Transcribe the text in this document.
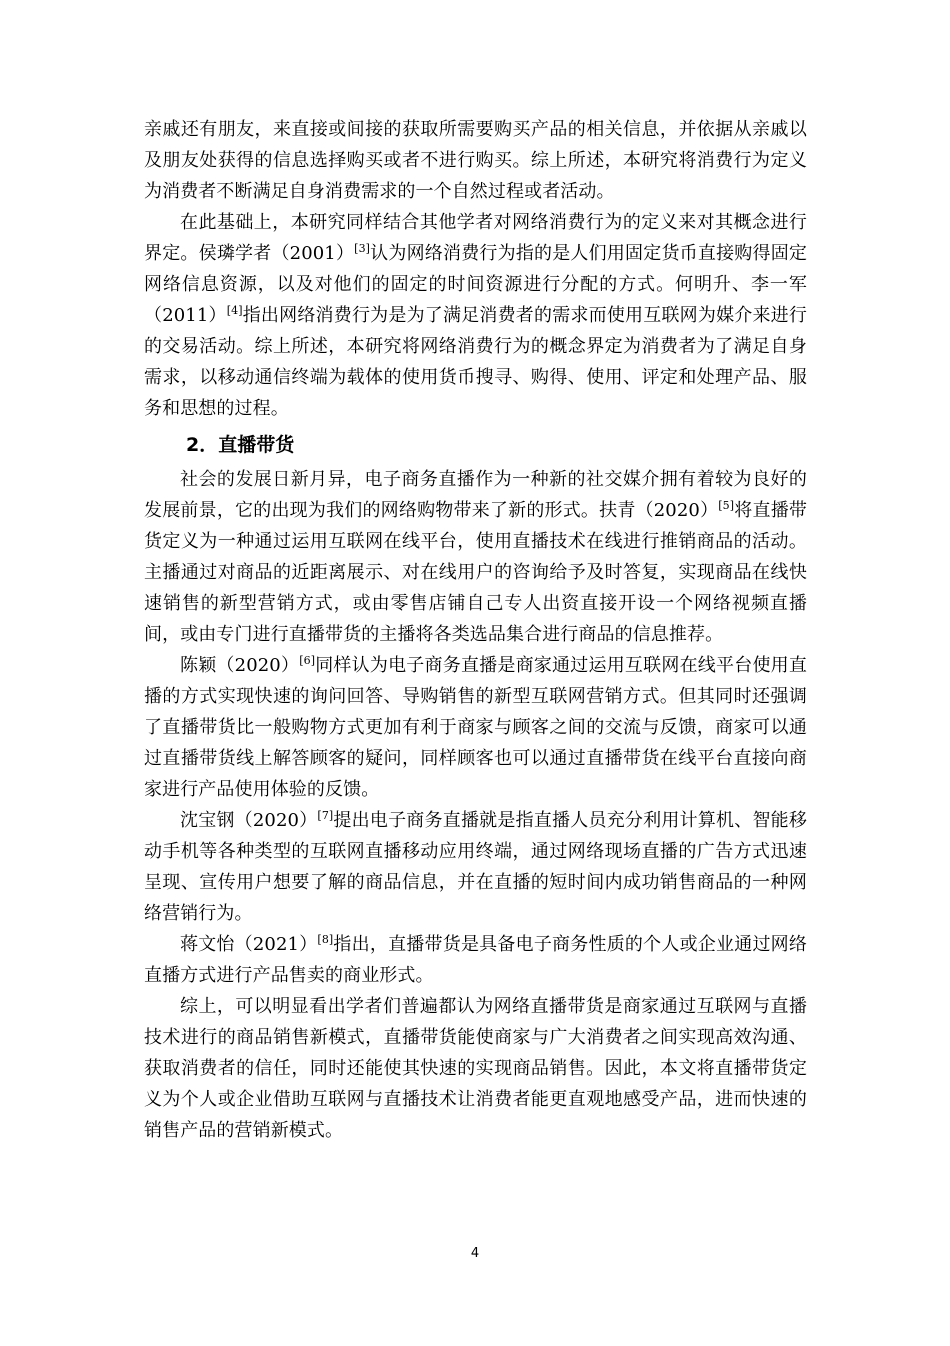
亲戚还有朋友，来直接或间接的获取所需要购买产品的相关信息，并依据从亲戚以及朋友处获得的信息选择购买或者不进行购买。综上所述，本研究将消费行为定义为消费者不断满足自身消费需求的一个自然过程或者活动。

在此基础上，本研究同样结合其他学者对网络消费行为的定义来对其概念进行界定。侯璘学者（2001）[3]认为网络消费行为指的是人们用固定货币直接购得固定网络信息资源，以及对他们的固定的时间资源进行分配的方式。何明升、李一军（2011）[4]指出网络消费行为是为了满足消费者的需求而使用互联网为媒介来进行的交易活动。综上所述，本研究将网络消费行为的概念界定为消费者为了满足自身需求，以移动通信终端为载体的使用货币搜寻、购得、使用、评定和处理产品、服务和思想的过程。

2．直播带货

社会的发展日新月异，电子商务直播作为一种新的社交媒介拥有着较为良好的发展前景，它的出现为我们的网络购物带来了新的形式。扶青（2020）[5]将直播带货定义为一种通过运用互联网在线平台，使用直播技术在线进行推销商品的活动。主播通过对商品的近距离展示、对在线用户的咨询给予及时答复，实现商品在线快速销售的新型营销方式，或由零售店铺自己专人出资直接开设一个网络视频直播间，或由专门进行直播带货的主播将各类选品集合进行商品的信息推荐。

陈颖（2020）[6]同样认为电子商务直播是商家通过运用互联网在线平台使用直播的方式实现快速的询问回答、导购销售的新型互联网营销方式。但其同时还强调了直播带货比一般购物方式更加有利于商家与顾客之间的交流与反馈，商家可以通过直播带货线上解答顾客的疑问，同样顾客也可以通过直播带货在线平台直接向商家进行产品使用体验的反馈。

沈宝钢（2020）[7]提出电子商务直播就是指直播人员充分利用计算机、智能移动手机等各种类型的互联网直播移动应用终端，通过网络现场直播的广告方式迅速呈现、宣传用户想要了解的商品信息，并在直播的短时间内成功销售商品的一种网络营销行为。

蒋文怡（2021）[8]指出，直播带货是具备电子商务性质的个人或企业通过网络直播方式进行产品售卖的商业形式。

综上，可以明显看出学者们普遍都认为网络直播带货是商家通过互联网与直播技术进行的商品销售新模式，直播带货能使商家与广大消费者之间实现高效沟通、获取消费者的信任，同时还能使其快速的实现商品销售。因此，本文将直播带货定义为个人或企业借助互联网与直播技术让消费者能更直观地感受产品，进而快速的销售产品的营销新模式。

4
